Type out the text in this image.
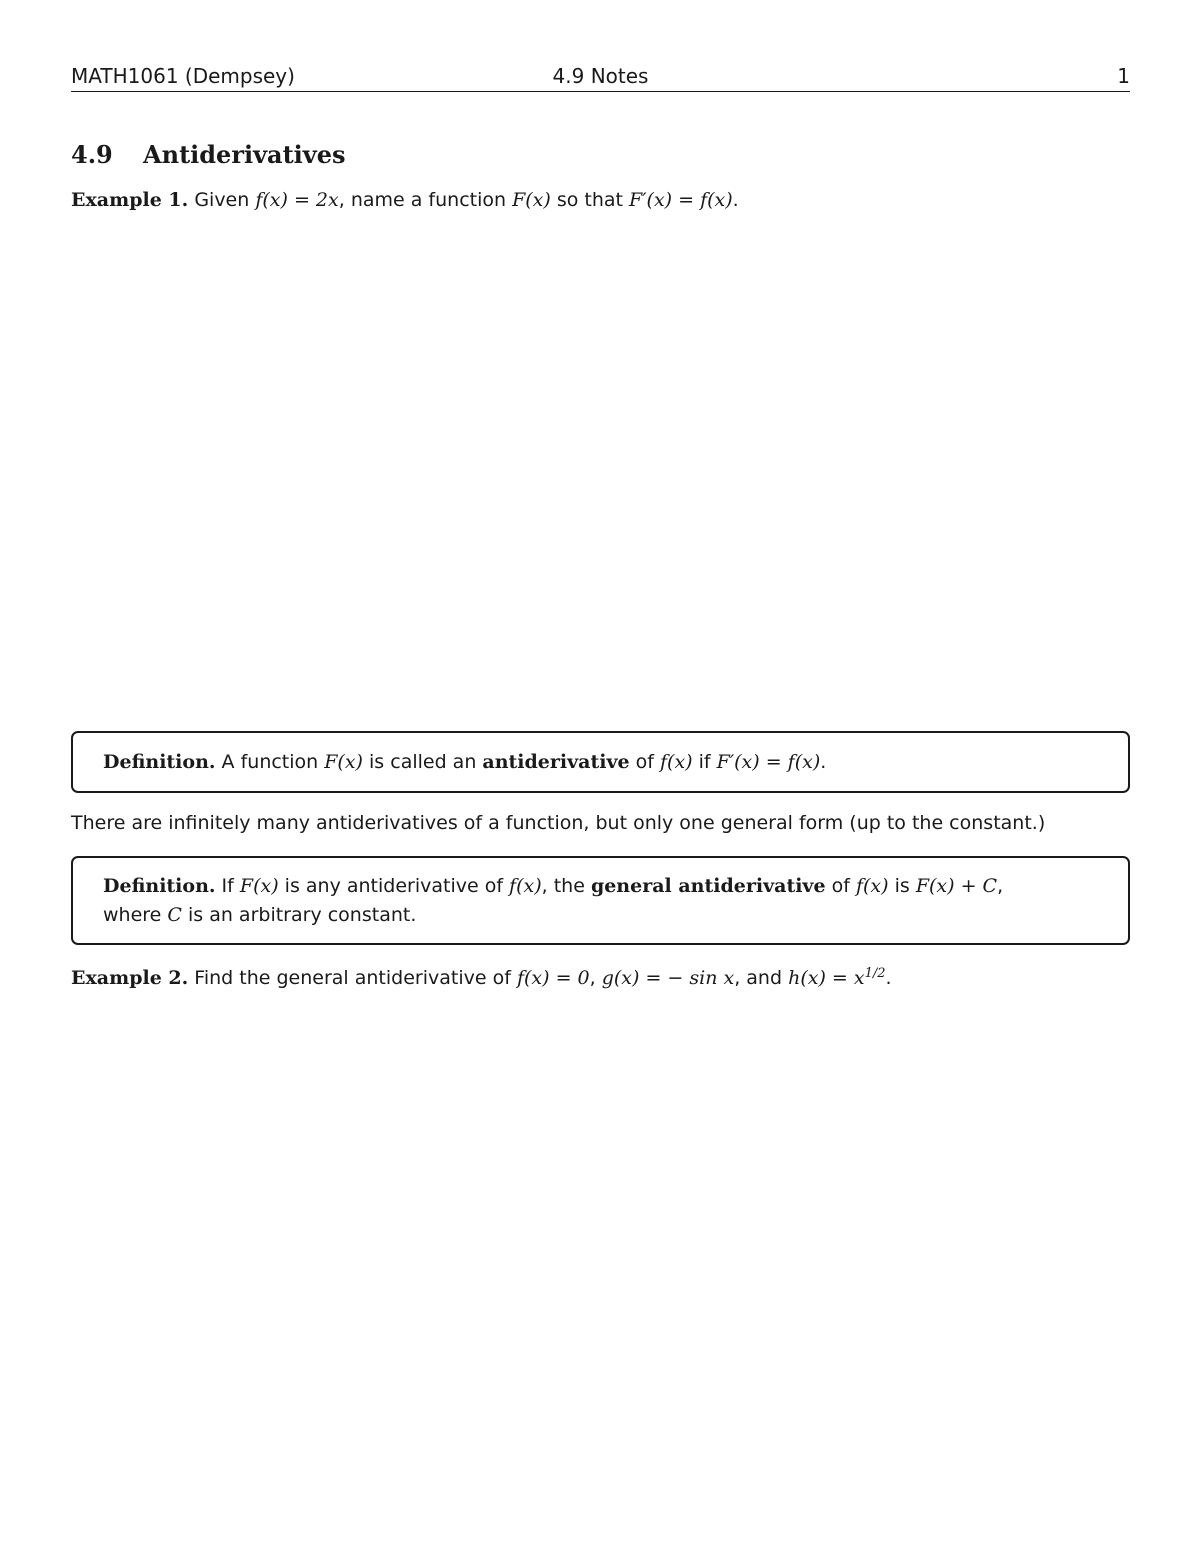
MATH1061 (Dempsey)	4.9 Notes	1
4.9 Antiderivatives
Example 1. Given f(x) = 2x, name a function F(x) so that F′(x) = f(x).
Definition. A function F(x) is called an antiderivative of f(x) if F′(x) = f(x).
There are infinitely many antiderivatives of a function, but only one general form (up to the constant.)
Definition. If F(x) is any antiderivative of f(x), the general antiderivative of f(x) is F(x) + C,
where C is an arbitrary constant.
Example 2. Find the general antiderivative of f(x) = 0, g(x) = − sin x, and $h(x) = x^{1/2}$.
